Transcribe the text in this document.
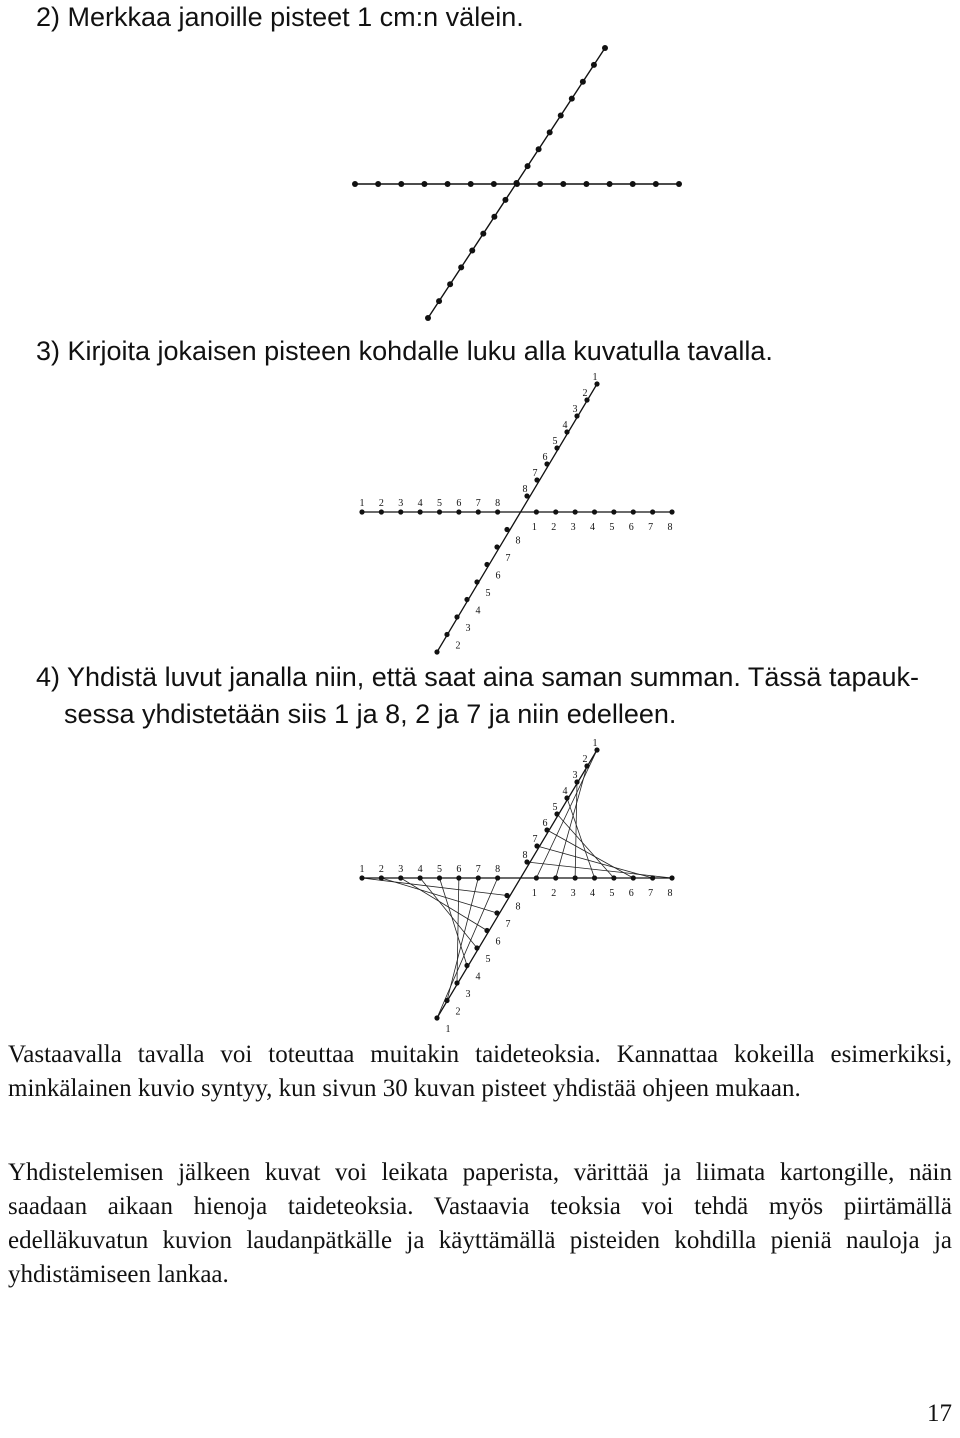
2) Merkkaa janoille pisteet 1 cm:n välein.

3) Kirjoita jokaisen pisteen kohdalle luku alla kuvatulla tavalla.

1
8
1
8
2
7
2
7
3
6
3
6
4
5
4
5
5
4
5
4
6
3
6
3
7
2
7
2
8
1
8

4) Yhdistä luvut janalla niin, että saat aina saman summan. Tässä tapauk-

sessa yhdistetään siis 1 ja 8, 2 ja 7 ja niin edelleen.

1
8
1
8
2
7
2
7
3
6
3
6
4
5
4
5
5
4
5
4
6
3
6
3
7
2
7
2
8
1
8
1

Vastaavalla tavalla voi toteuttaa muitakin taideteoksia. Kannattaa kokeilla esimerkiksi, minkälainen kuvio syntyy, kun sivun 30 kuvan pisteet yhdistää ohjeen mukaan.

Yhdistelemisen jälkeen kuvat voi leikata paperista, värittää ja liimata kartongille, näin saadaan aikaan hienoja taideteoksia. Vastaavia teoksia voi tehdä myös piirtämällä edelläkuvatun kuvion laudanpätkälle ja käyttämällä pisteiden kohdilla pieniä nauloja ja yhdistämiseen lankaa.

17
